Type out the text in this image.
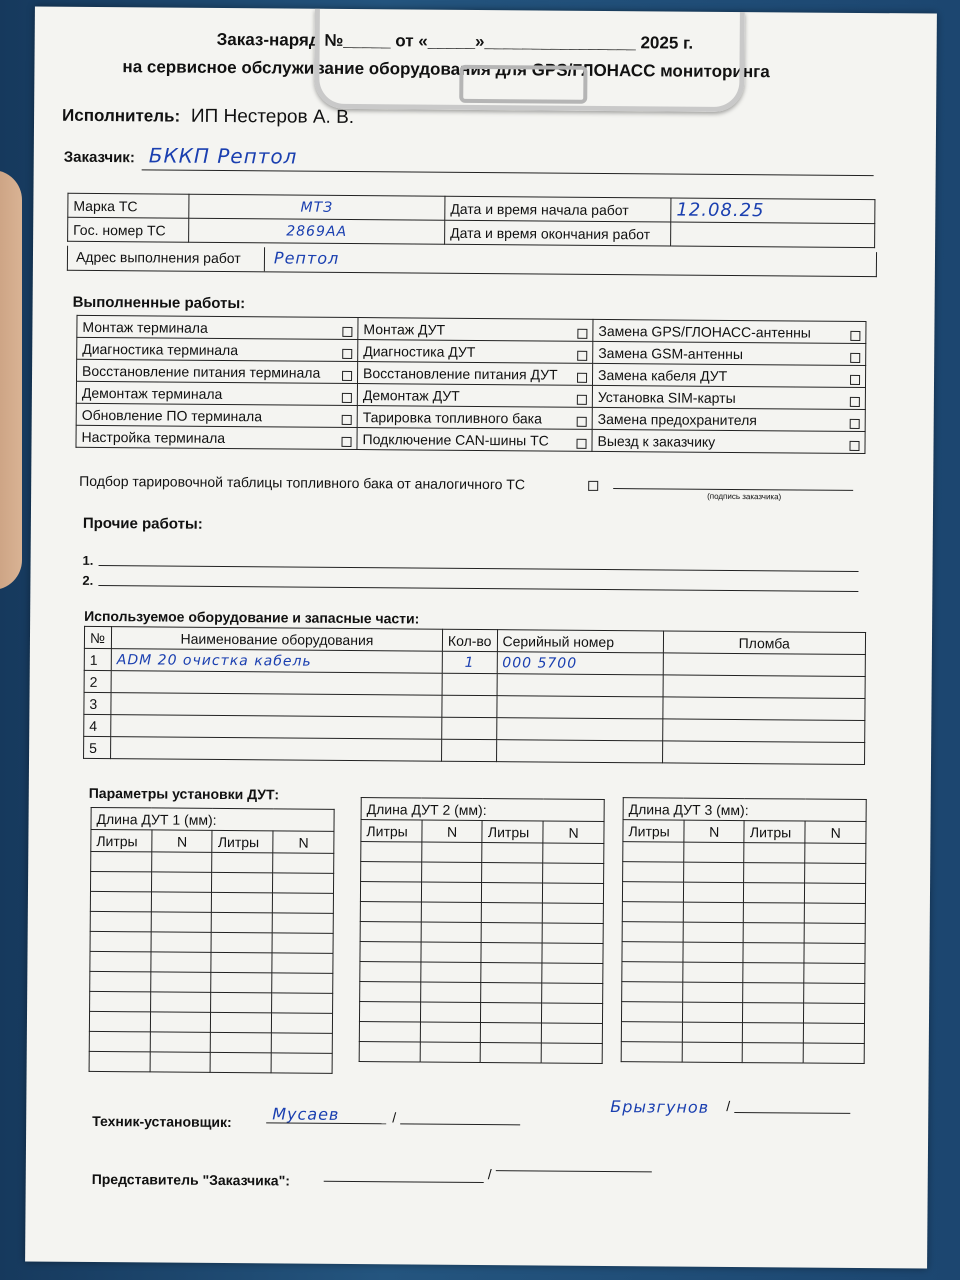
Заказ-наряд №_____ от «_____»________________ 2025 г.
на сервисное обслуживание оборудования для GPS/ГЛОНАСС мониторинга
Исполнитель: ИП Нестеров А. В.
Заказчик: БККП Рептол
Марка ТС	МТЗ	Дата и время начала работ	12.08.25
Гос. номер ТС	2869АА	Дата и время окончания работ	
Адрес выполнения работ Рептол
Выполненные работы:
Монтаж терминала	Монтаж ДУТ	Замена GPS/ГЛОНАСС-антенны

Диагностика терминала	Диагностика ДУТ	Замена GSM-антенны

Восстановление питания терминала	Восстановление питания ДУТ	Замена кабеля ДУТ

Демонтаж терминала	Демонтаж ДУТ	Установка SIM-карты

Обновление ПО терминала	Тарировка топливного бака	Замена предохранителя

Настройка терминала	Подключение CAN-шины ТС	Выезд к заказчику
Подбор тарировочной таблицы топливного бака от аналогичного ТС
(подпись заказчика)
Прочие работы:
1.
2.
Используемое оборудование и запасные части:
№	Наименование оборудования	Кол-во	Серийный номер	Пломба
1	ADM 20 очистка кабель	1	000 5700	
2				
3				
4				
5				
Параметры установки ДУТ:
Длина ДУТ 1 (мм):			
Литры	N	Литры	N

Длина ДУТ 2 (мм):			
Литры	N	Литры	N

Длина ДУТ 3 (мм):			
Литры	N	Литры	N

Техник-установщик:	Мусаев	/
Брызгунов /
Представитель "Заказчика":	/
